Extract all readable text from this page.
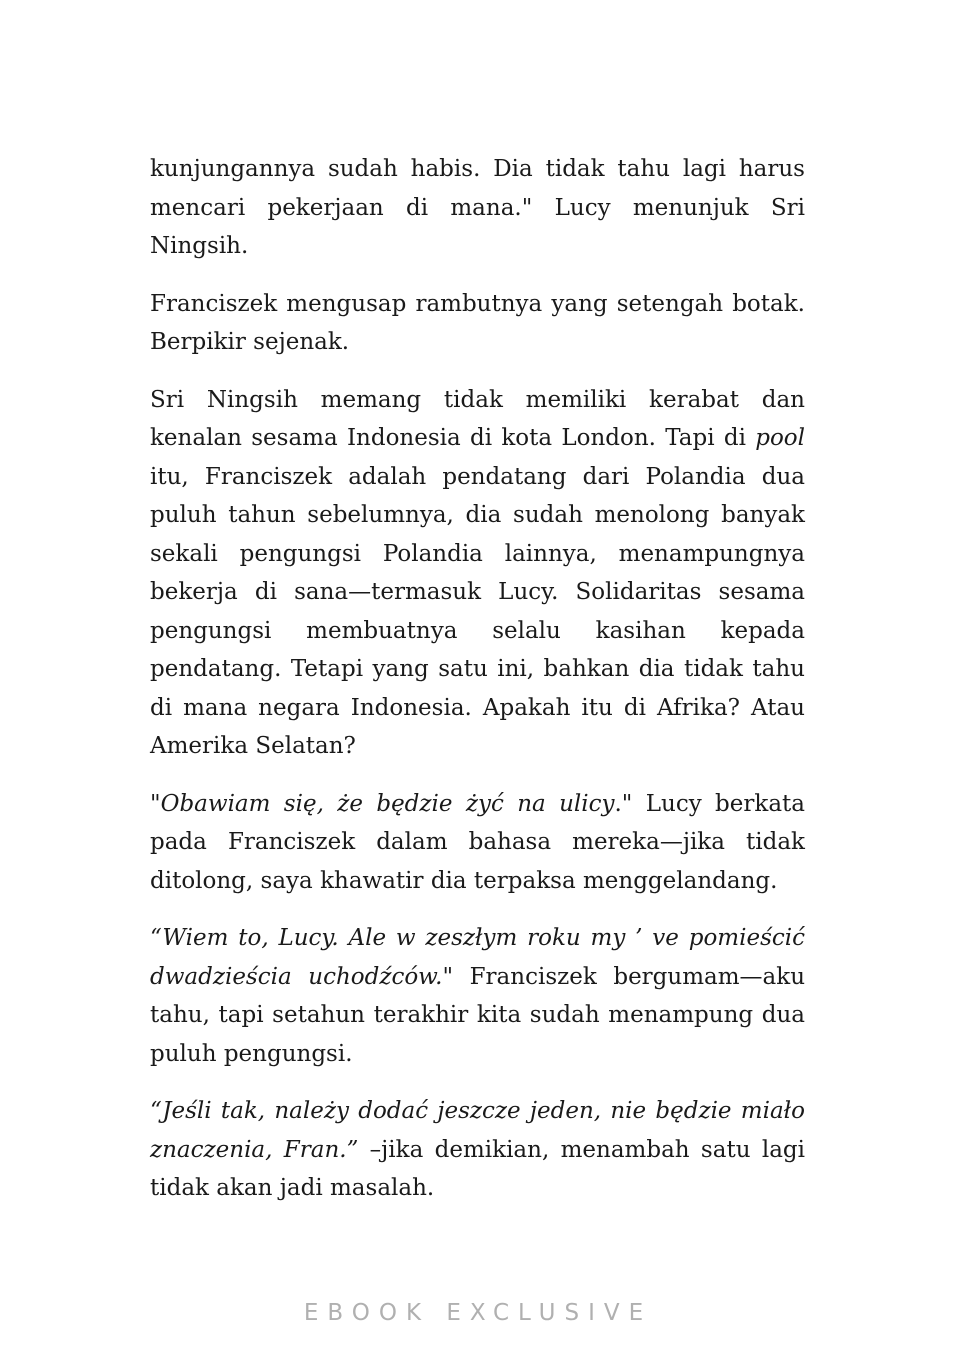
kunjungannya sudah habis. Dia tidak tahu lagi harus mencari pekerjaan di mana." Lucy menunjuk Sri Ningsih.

Franciszek mengusap rambutnya yang setengah botak. Berpikir sejenak.

Sri Ningsih memang tidak memiliki kerabat dan kenalan sesama Indonesia di kota London. Tapi di pool itu, Franciszek adalah pendatang dari Polandia dua puluh tahun sebelumnya, dia sudah menolong banyak sekali pengungsi Polandia lainnya, menampungnya bekerja di sana—termasuk Lucy. Solidaritas sesama pengungsi membuatnya selalu kasihan kepada pendatang. Tetapi yang satu ini, bahkan dia tidak tahu di mana negara Indonesia. Apakah itu di Afrika? Atau Amerika Selatan?

"Obawiam się, że będzie żyć na ulicy." Lucy berkata pada Franciszek dalam bahasa mereka—jika tidak ditolong, saya khawatir dia terpaksa menggelandang.

“Wiem to, Lucy. Ale w zeszłym roku my ’ ve pomieścić dwadzieścia uchodźców." Franciszek bergumam—aku tahu, tapi setahun terakhir kita sudah menampung dua puluh pengungsi.

“Jeśli tak, należy dodać jeszcze jeden, nie będzie miało znaczenia, Fran.” –jika demikian, menambah satu lagi tidak akan jadi masalah.

EBOOK EXCLUSIVE
